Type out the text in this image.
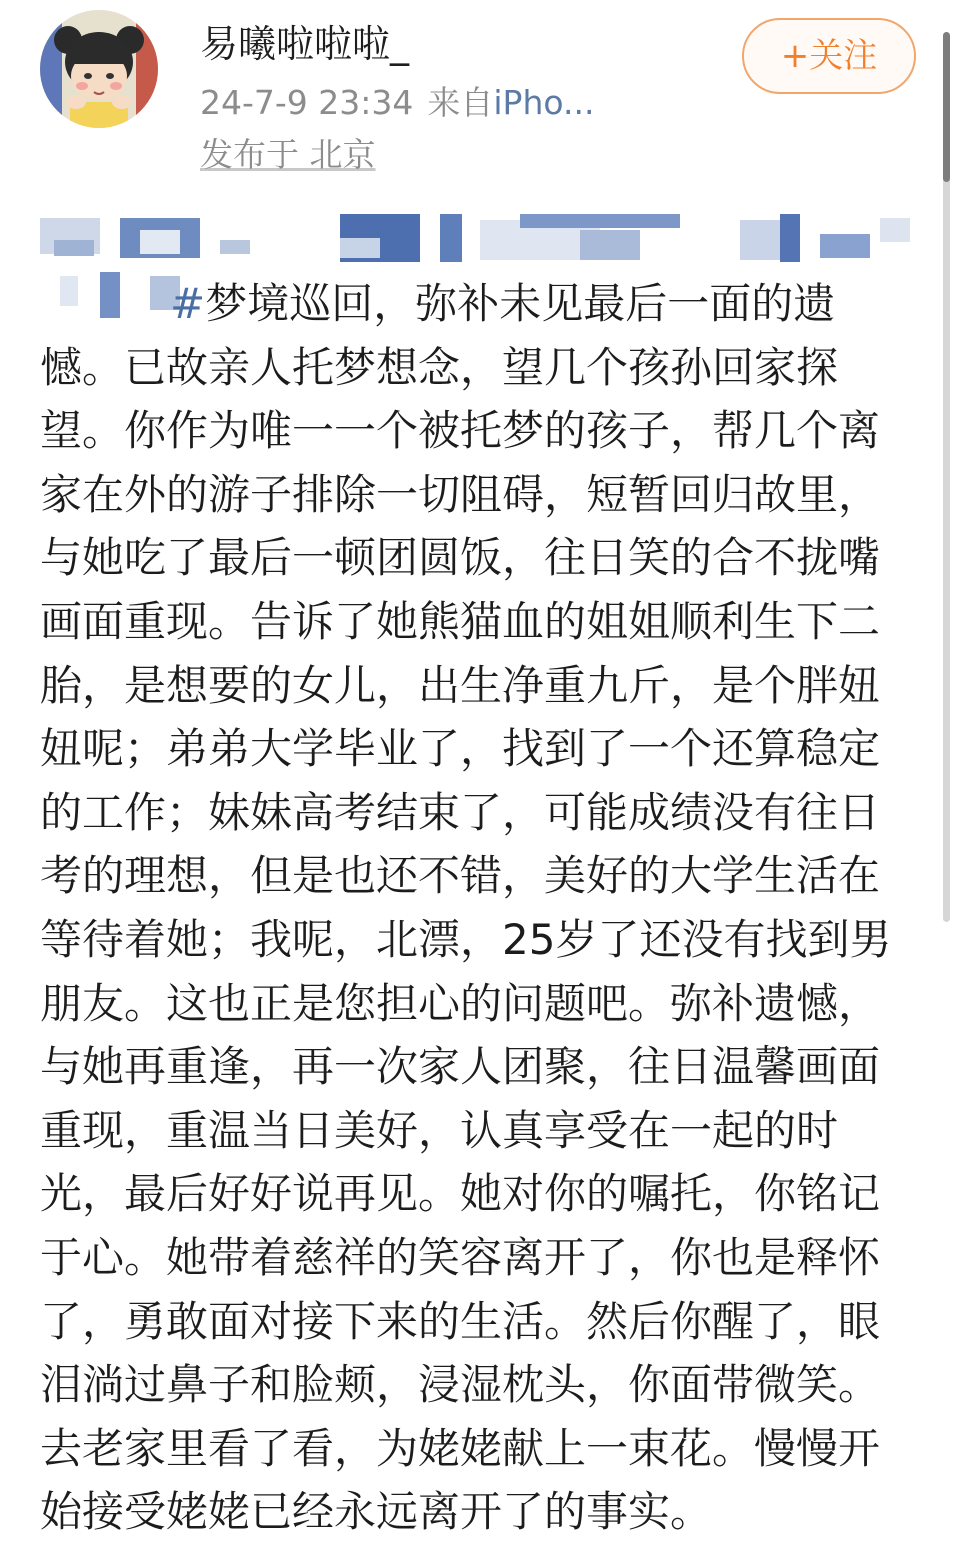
易曦啦啦啦_
24-7-9 23:34 来自iPho...
发布于 北京
+关注
#梦境巡回，弥补未见最后一面的遗
憾。已故亲人托梦想念，望几个孩孙回家探
望。你作为唯一一个被托梦的孩子，帮几个离
家在外的游子排除一切阻碍，短暂回归故里，
与她吃了最后一顿团圆饭，往日笑的合不拢嘴
画面重现。告诉了她熊猫血的姐姐顺利生下二
胎，是想要的女儿，出生净重九斤，是个胖妞
妞呢；弟弟大学毕业了，找到了一个还算稳定
的工作；妹妹高考结束了，可能成绩没有往日
考的理想，但是也还不错，美好的大学生活在
等待着她；我呢，北漂，25岁了还没有找到男
朋友。这也正是您担心的问题吧。弥补遗憾，
与她再重逢，再一次家人团聚，往日温馨画面
重现，重温当日美好，认真享受在一起的时
光，最后好好说再见。她对你的嘱托，你铭记
于心。她带着慈祥的笑容离开了，你也是释怀
了，勇敢面对接下来的生活。然后你醒了，眼
泪淌过鼻子和脸颊，浸湿枕头，你面带微笑。
去老家里看了看，为姥姥献上一束花。慢慢开
始接受姥姥已经永远离开了的事实。
